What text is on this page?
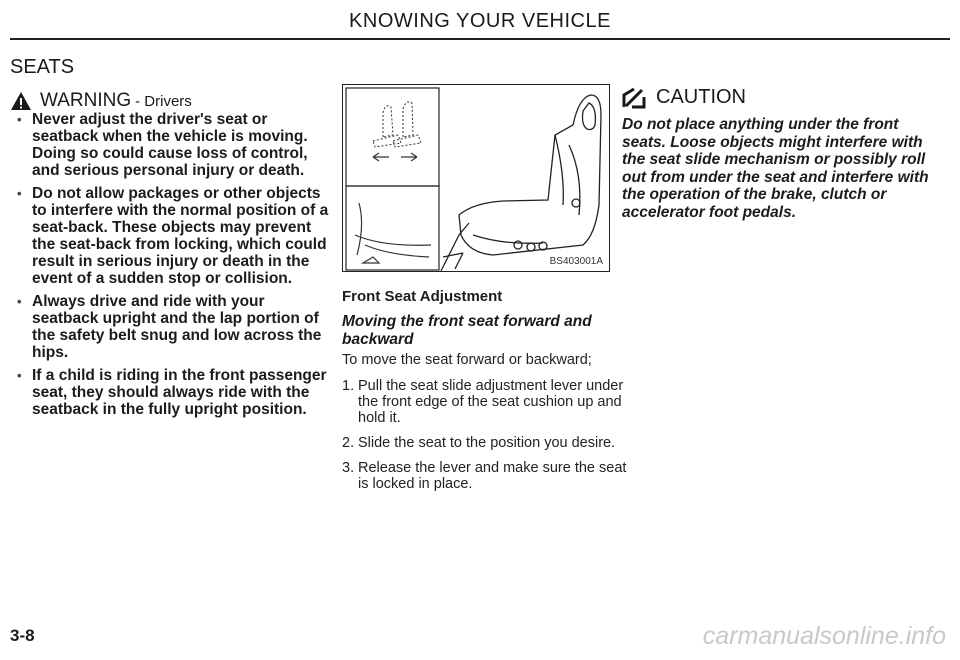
KNOWING YOUR VEHICLE
SEATS
WARNING - Drivers
• Never adjust the driver's seat or seatback when the vehicle is moving. Doing so could cause loss of control, and serious personal injury or death.
• Do not allow packages or other objects to interfere with the normal position of a seat-back. These objects may prevent the seat-back from locking, which could result in serious injury or death in the event of a sudden stop or collision.
• Always drive and ride with your seatback upright and the lap portion of the safety belt snug and low across the hips.
• If a child is riding in the front passenger seat, they should always ride with the seatback in the fully upright position.
BS403001A
Front Seat Adjustment
Moving the front seat forward and backward
To move the seat forward or backward;
1. Pull the seat slide adjustment lever under the front edge of the seat cushion up and hold it.
2. Slide the seat to the position you desire.
3. Release the lever and make sure the seat is locked in place.
CAUTION
Do not place anything under the front seats. Loose objects might interfere with the seat slide mechanism or possibly roll out from under the seat and interfere with the operation of the brake, clutch or accelerator foot pedals.
3-8	carmanualsonline.info
